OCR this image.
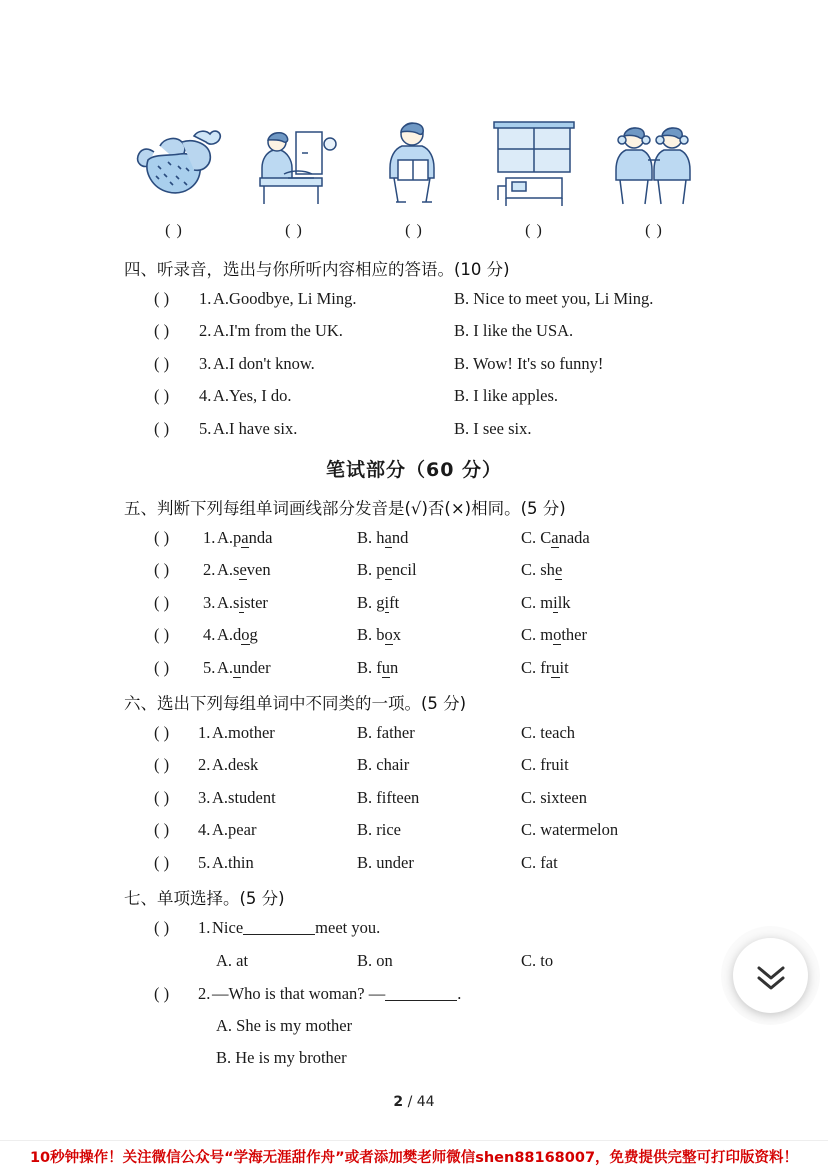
( )	( )	( )	( )	( )
四、听录音，选出与你所听内容相应的答语。(10 分)
( ) 1. A.Goodbye, Li Ming.	B. Nice to meet you, Li Ming.
( ) 2. A.I'm from the UK.	B. I like the USA.
( ) 3. A.I don't know.	B. Wow! It's so funny!
( ) 4. A.Yes, I do.	B. I like apples.
( ) 5. A.I have six.	B. I see six.
笔试部分（60 分）
五、判断下列每组单词画线部分发音是(√)否(×)相同。(5 分)
( ) 1. A.panda	B. hand	C. Canada
( ) 2. A.seven	B. pencil	C. she
( ) 3. A.sister	B. gift	C. milk
( ) 4. A.dog	B. box	C. mother
( ) 5. A.under	B. fun	C. fruit
六、选出下列每组单词中不同类的一项。(5 分)
( ) 1. A.mother	B. father	C. teach
( ) 2. A.desk	B. chair	C. fruit
( ) 3. A.student	B. fifteen	C. sixteen
( ) 4. A.pear	B. rice	C. watermelon
( ) 5. A.thin	B. under	C. fat
七、单项选择。(5 分)
( ) 1. Nice	meet you.
A. at	B. on	C. to
( ) 2. —Who is that woman? —	.
A. She is my mother
B. He is my brother
2 / 44
10秒钟操作！关注微信公众号“学海无涯甜作舟”或者添加樊老师微信shen88168007，免费提供完整可打印版资料！
